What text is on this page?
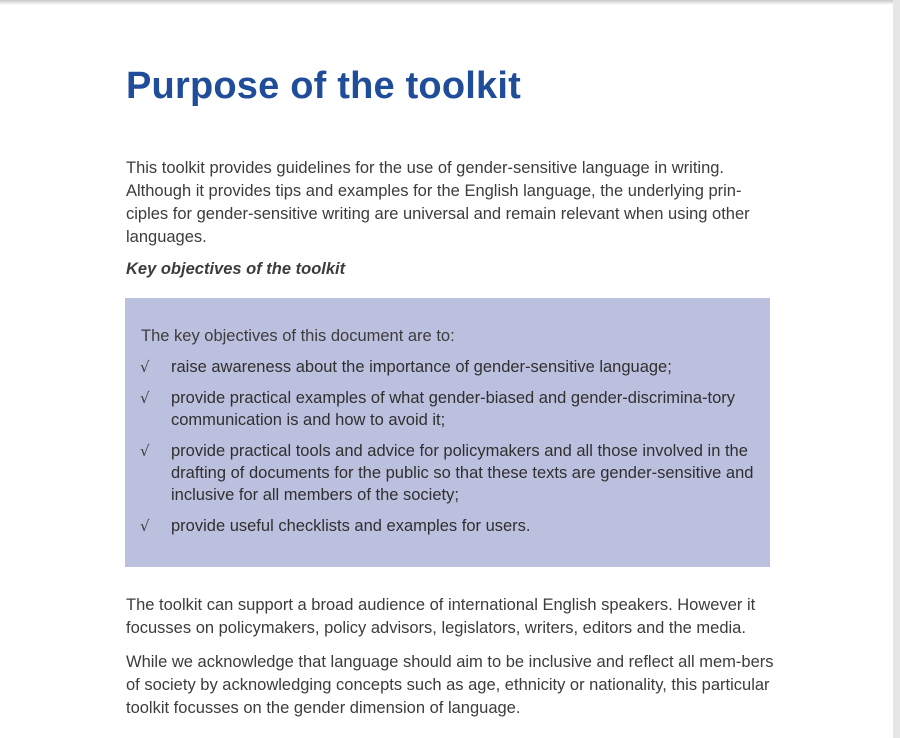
Purpose of the toolkit

This toolkit provides guidelines for the use of gender-sensitive language in writing. Although it provides tips and examples for the English language, the underlying prin-ciples for gender-sensitive writing are universal and remain relevant when using other languages.

Key objectives of the toolkit

The key objectives of this document are to:

√ raise awareness about the importance of gender-sensitive language;
√ provide practical examples of what gender-biased and gender-discrimina-tory communication is and how to avoid it;
√ provide practical tools and advice for policymakers and all those involved in the drafting of documents for the public so that these texts are gender-sensitive and inclusive for all members of the society;
√ provide useful checklists and examples for users.

The toolkit can support a broad audience of international English speakers. However it focusses on policymakers, policy advisors, legislators, writers, editors and the media.

While we acknowledge that language should aim to be inclusive and reflect all mem-bers of society by acknowledging concepts such as age, ethnicity or nationality, this particular toolkit focusses on the gender dimension of language.
